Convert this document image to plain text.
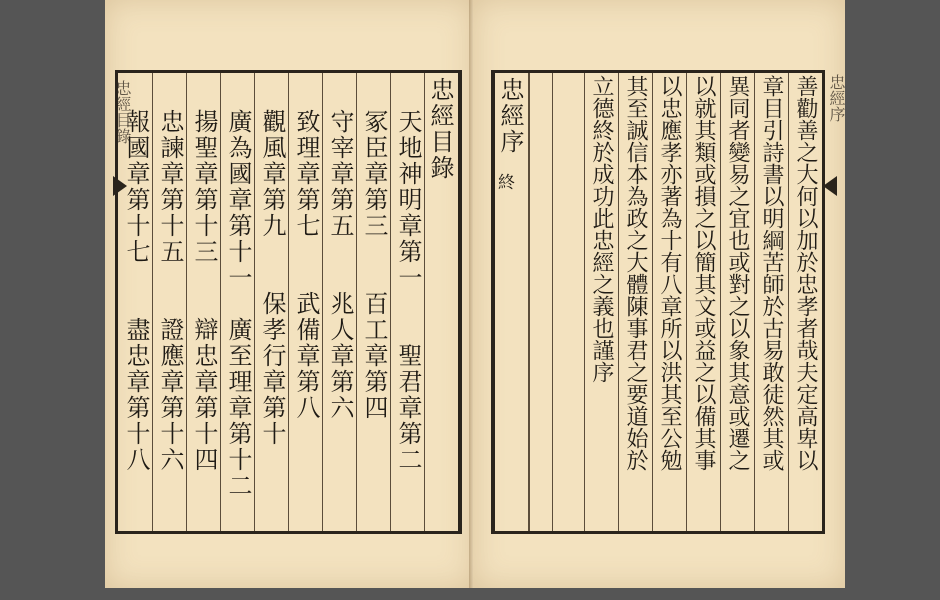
忠經目錄	忠經目錄
天地神明章第一　　聖君章第二
冢臣章第三　　百工章第四
守宰章第五　　兆人章第六
致理章第七　　武備章第八
觀風章第九　　保孝行章第十
廣為國章第十一　廣至理章第十二
揚聖章第十三　　辯忠章第十四
忠諫章第十五　　證應章第十六
報國章第十七　　盡忠章第十八
忠經序
善勸善之大何以加於忠孝者哉夫定高卑以
章目引詩書以明綱苦師於古易敢徒然其或
異同者變易之宜也或對之以象其意或遷之
以就其類或損之以簡其文或益之以備其事
以忠應孝亦著為十有八章所以洪其至公勉
其至誠信本為政之大體陳事君之要道始於
立德終於成功此忠經之義也謹序
忠經序
終
